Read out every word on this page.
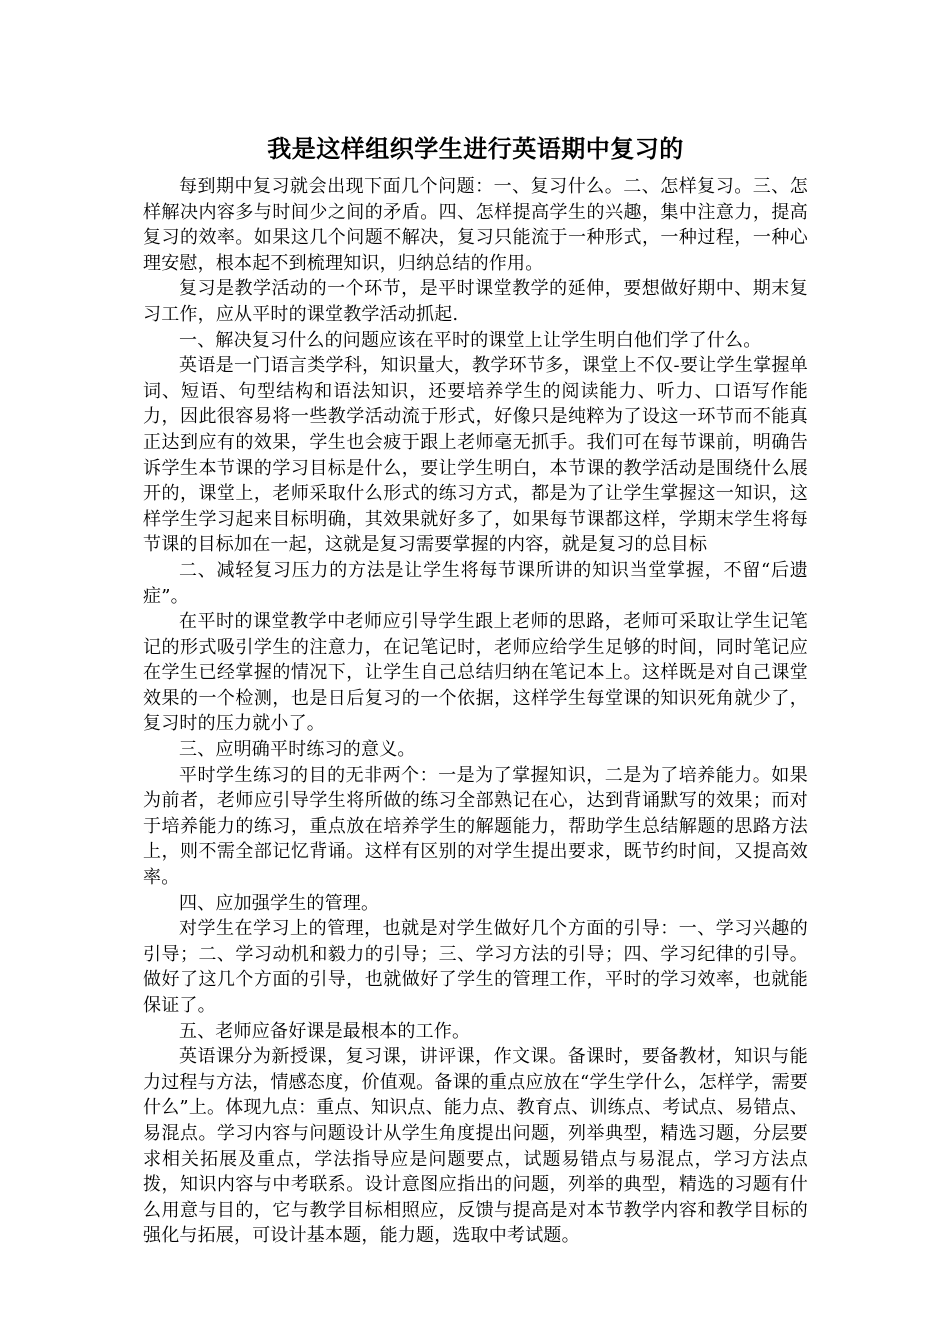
我是这样组织学生进行英语期中复习的

每到期中复习就会出现下面几个问题：一、复习什么。二、怎样复习。三、怎样解决内容多与时间少之间的矛盾。四、怎样提高学生的兴趣，集中注意力，提高复习的效率。如果这几个问题不解决，复习只能流于一种形式，一种过程，一种心理安慰，根本起不到梳理知识，归纳总结的作用。

复习是教学活动的一个环节，是平时课堂教学的延伸，要想做好期中、期末复习工作，应从平时的课堂教学活动抓起.

一、解决复习什么的问题应该在平时的课堂上让学生明白他们学了什么。

英语是一门语言类学科，知识量大，教学环节多，课堂上不仅-要让学生掌握单词、短语、句型结构和语法知识，还要培养学生的阅读能力、听力、口语写作能力，因此很容易将一些教学活动流于形式，好像只是纯粹为了设这一环节而不能真正达到应有的效果，学生也会疲于跟上老师毫无抓手。我们可在每节课前，明确告诉学生本节课的学习目标是什么，要让学生明白，本节课的教学活动是围绕什么展开的，课堂上，老师采取什么形式的练习方式，都是为了让学生掌握这一知识，这样学生学习起来目标明确，其效果就好多了，如果每节课都这样，学期末学生将每节课的目标加在一起，这就是复习需要掌握的内容，就是复习的总目标

二、减轻复习压力的方法是让学生将每节课所讲的知识当堂掌握，不留“后遗症”。

在平时的课堂教学中老师应引导学生跟上老师的思路，老师可采取让学生记笔记的形式吸引学生的注意力，在记笔记时，老师应给学生足够的时间，同时笔记应在学生已经掌握的情况下，让学生自己总结归纳在笔记本上。这样既是对自己课堂效果的一个检测，也是日后复习的一个依据，这样学生每堂课的知识死角就少了，复习时的压力就小了。

三、应明确平时练习的意义。

平时学生练习的目的无非两个：一是为了掌握知识，二是为了培养能力。如果为前者，老师应引导学生将所做的练习全部熟记在心，达到背诵默写的效果；而对于培养能力的练习，重点放在培养学生的解题能力，帮助学生总结解题的思路方法上，则不需全部记忆背诵。这样有区别的对学生提出要求，既节约时间，又提高效率。

四、应加强学生的管理。

对学生在学习上的管理，也就是对学生做好几个方面的引导：一、学习兴趣的引导；二、学习动机和毅力的引导；三、学习方法的引导；四、学习纪律的引导。做好了这几个方面的引导，也就做好了学生的管理工作，平时的学习效率，也就能保证了。

五、老师应备好课是最根本的工作。

英语课分为新授课，复习课，讲评课，作文课。备课时，要备教材，知识与能力过程与方法，情感态度，价值观。备课的重点应放在“学生学什么，怎样学，需要什么”上。体现九点：重点、知识点、能力点、教育点、训练点、考试点、易错点、易混点。学习内容与问题设计从学生角度提出问题，列举典型，精选习题，分层要求相关拓展及重点，学法指导应是问题要点，试题易错点与易混点，学习方法点拨，知识内容与中考联系。设计意图应指出的问题，列举的典型，精选的习题有什么用意与目的，它与教学目标相照应，反馈与提高是对本节教学内容和教学目标的强化与拓展，可设计基本题，能力题，选取中考试题。
